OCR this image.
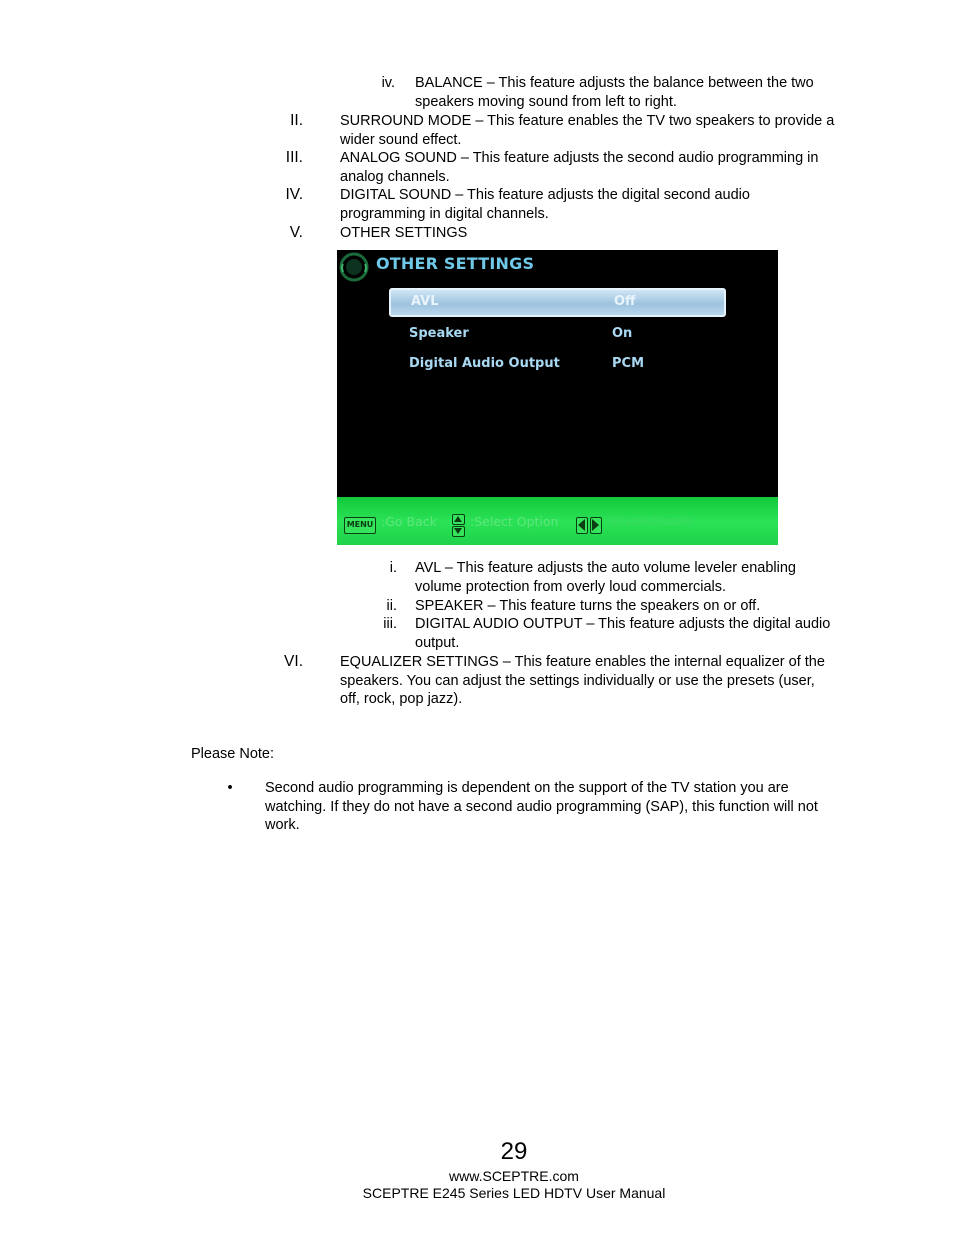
iv. BALANCE – This feature adjusts the balance between the two speakers moving sound from left to right.
II.	SURROUND MODE – This feature enables the TV two speakers to provide a wider sound effect.
III.	ANALOG SOUND – This feature adjusts the second audio programming in analog channels.
IV.	DIGITAL SOUND – This feature adjusts the digital second audio programming in digital channels.
V.	OTHER SETTINGS
OTHER SETTINGS
AVL	Off
Speaker	On
Digital Audio Output	PCM
MENU :Go Back	:Select Option	:Enable/Disable
i. AVL – This feature adjusts the auto volume leveler enabling volume protection from overly loud commercials.
ii. SPEAKER – This feature turns the speakers on or off.
iii. DIGITAL AUDIO OUTPUT – This feature adjusts the digital audio output.
VI.	EQUALIZER SETTINGS – This feature enables the internal equalizer of the speakers. You can adjust the settings individually or use the presets (user, off, rock, pop jazz).
Please Note:
•	Second audio programming is dependent on the support of the TV station you are watching. If they do not have a second audio programming (SAP), this function will not work.
29
www.SCEPTRE.com
SCEPTRE E245 Series LED HDTV User Manual
